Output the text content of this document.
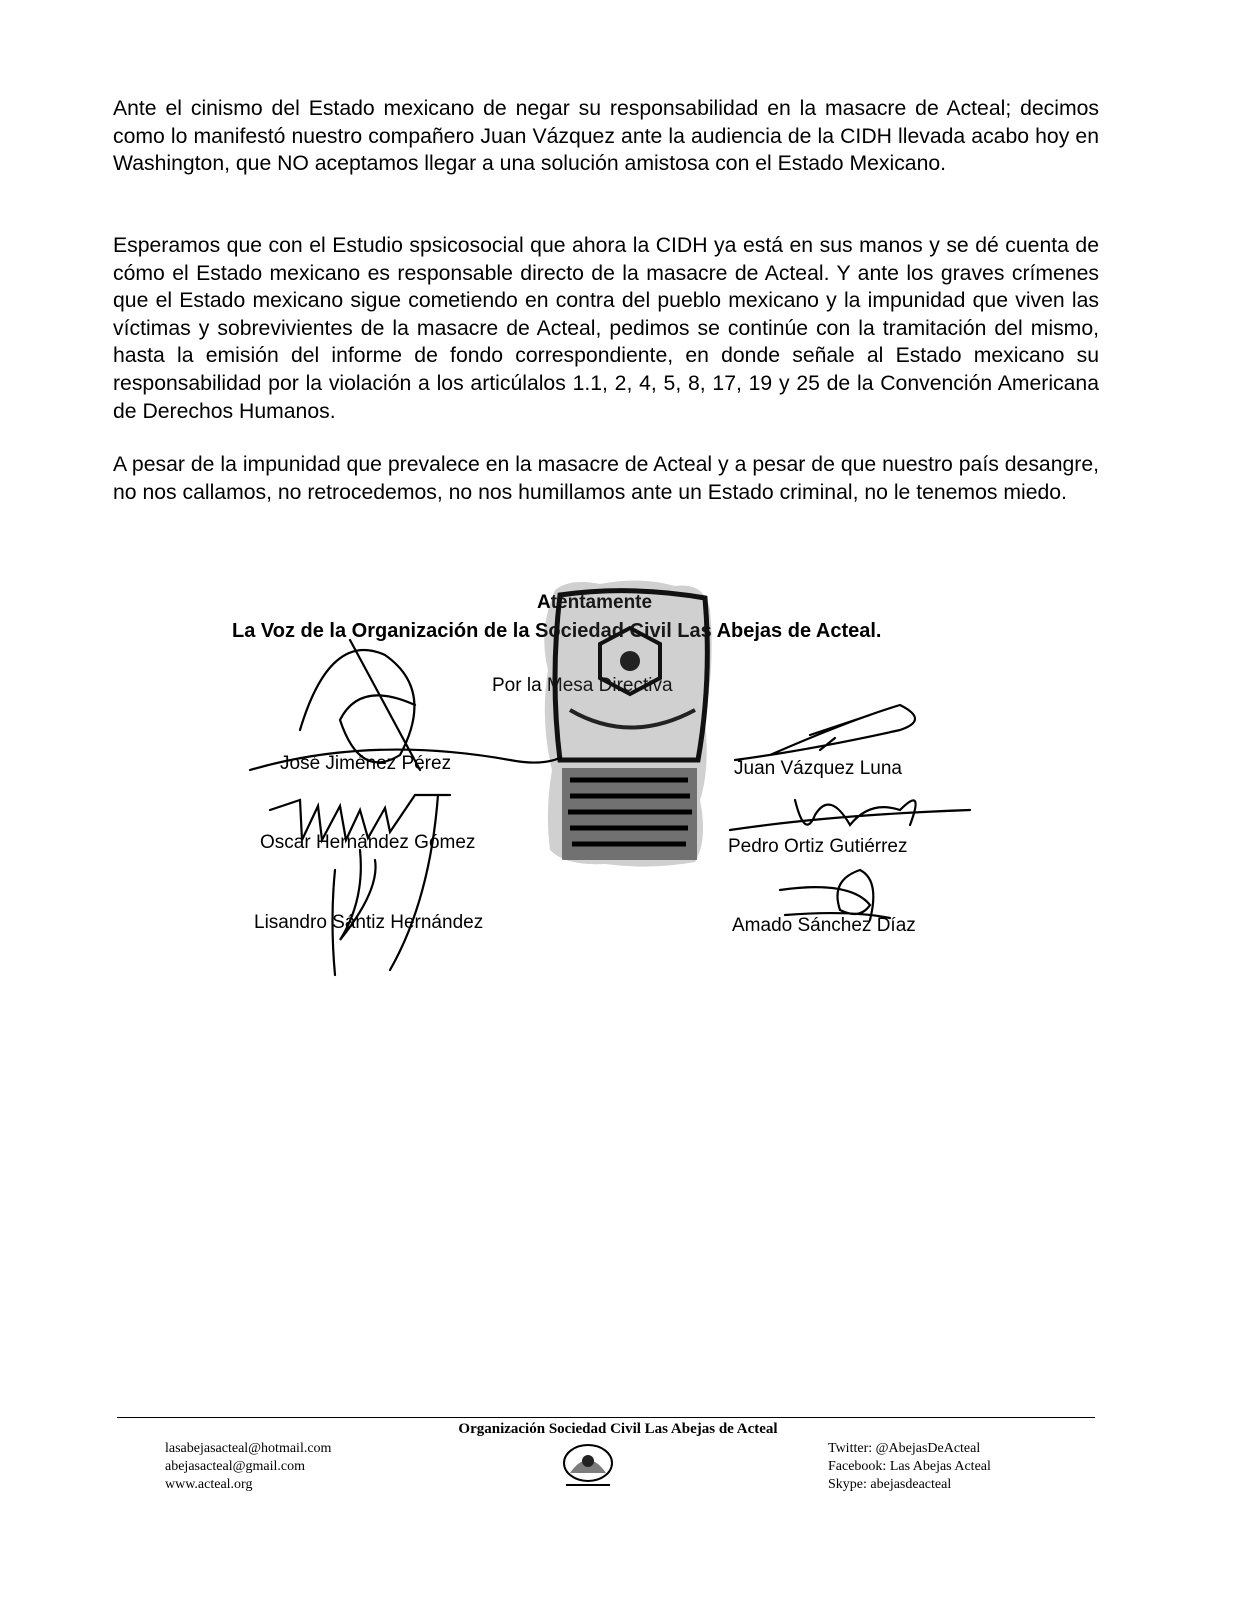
Ante el cinismo del Estado mexicano de negar su responsabilidad en la masacre de Acteal; decimos como lo manifestó nuestro compañero Juan Vázquez ante la audiencia de la CIDH llevada acabo hoy en Washington, que NO aceptamos llegar a una solución amistosa con el Estado Mexicano.

Esperamos que con el Estudio spsicosocial que ahora la CIDH ya está en sus manos y se dé cuenta de cómo el Estado mexicano es responsable directo de la masacre de Acteal. Y ante los graves crímenes que el Estado mexicano sigue cometiendo en contra del pueblo mexicano y la impunidad que viven las víctimas y sobrevivientes de la masacre de Acteal, pedimos se continúe con la tramitación del mismo, hasta la emisión del informe de fondo correspondiente, en donde señale al Estado mexicano su responsabilidad por la violación a los articúlalos 1.1, 2, 4, 5, 8, 17, 19 y 25 de la Convención Americana de Derechos Humanos.

A pesar de la impunidad que prevalece en la masacre de Acteal y a pesar de que nuestro país desangre, no nos callamos, no retrocedemos, no nos humillamos ante un Estado criminal, no le tenemos miedo.

Atentamente
La Voz de la Organización de la Sociedad Civil Las Abejas de Acteal.
Por la Mesa Directiva
José Jiménez Pérez
Oscar Hernández Gómez
Lisandro Sántiz Hernández
Juan Vázquez Luna
Pedro Ortiz Gutiérrez
Amado Sánchez Díaz
Organización Sociedad Civil Las Abejas de Acteal
lasabejasacteal@hotmail.com
abejasacteal@gmail.com
www.acteal.org
Twitter: @AbejasDeActeal
Facebook: Las Abejas Acteal
Skype: abejasdeacteal
